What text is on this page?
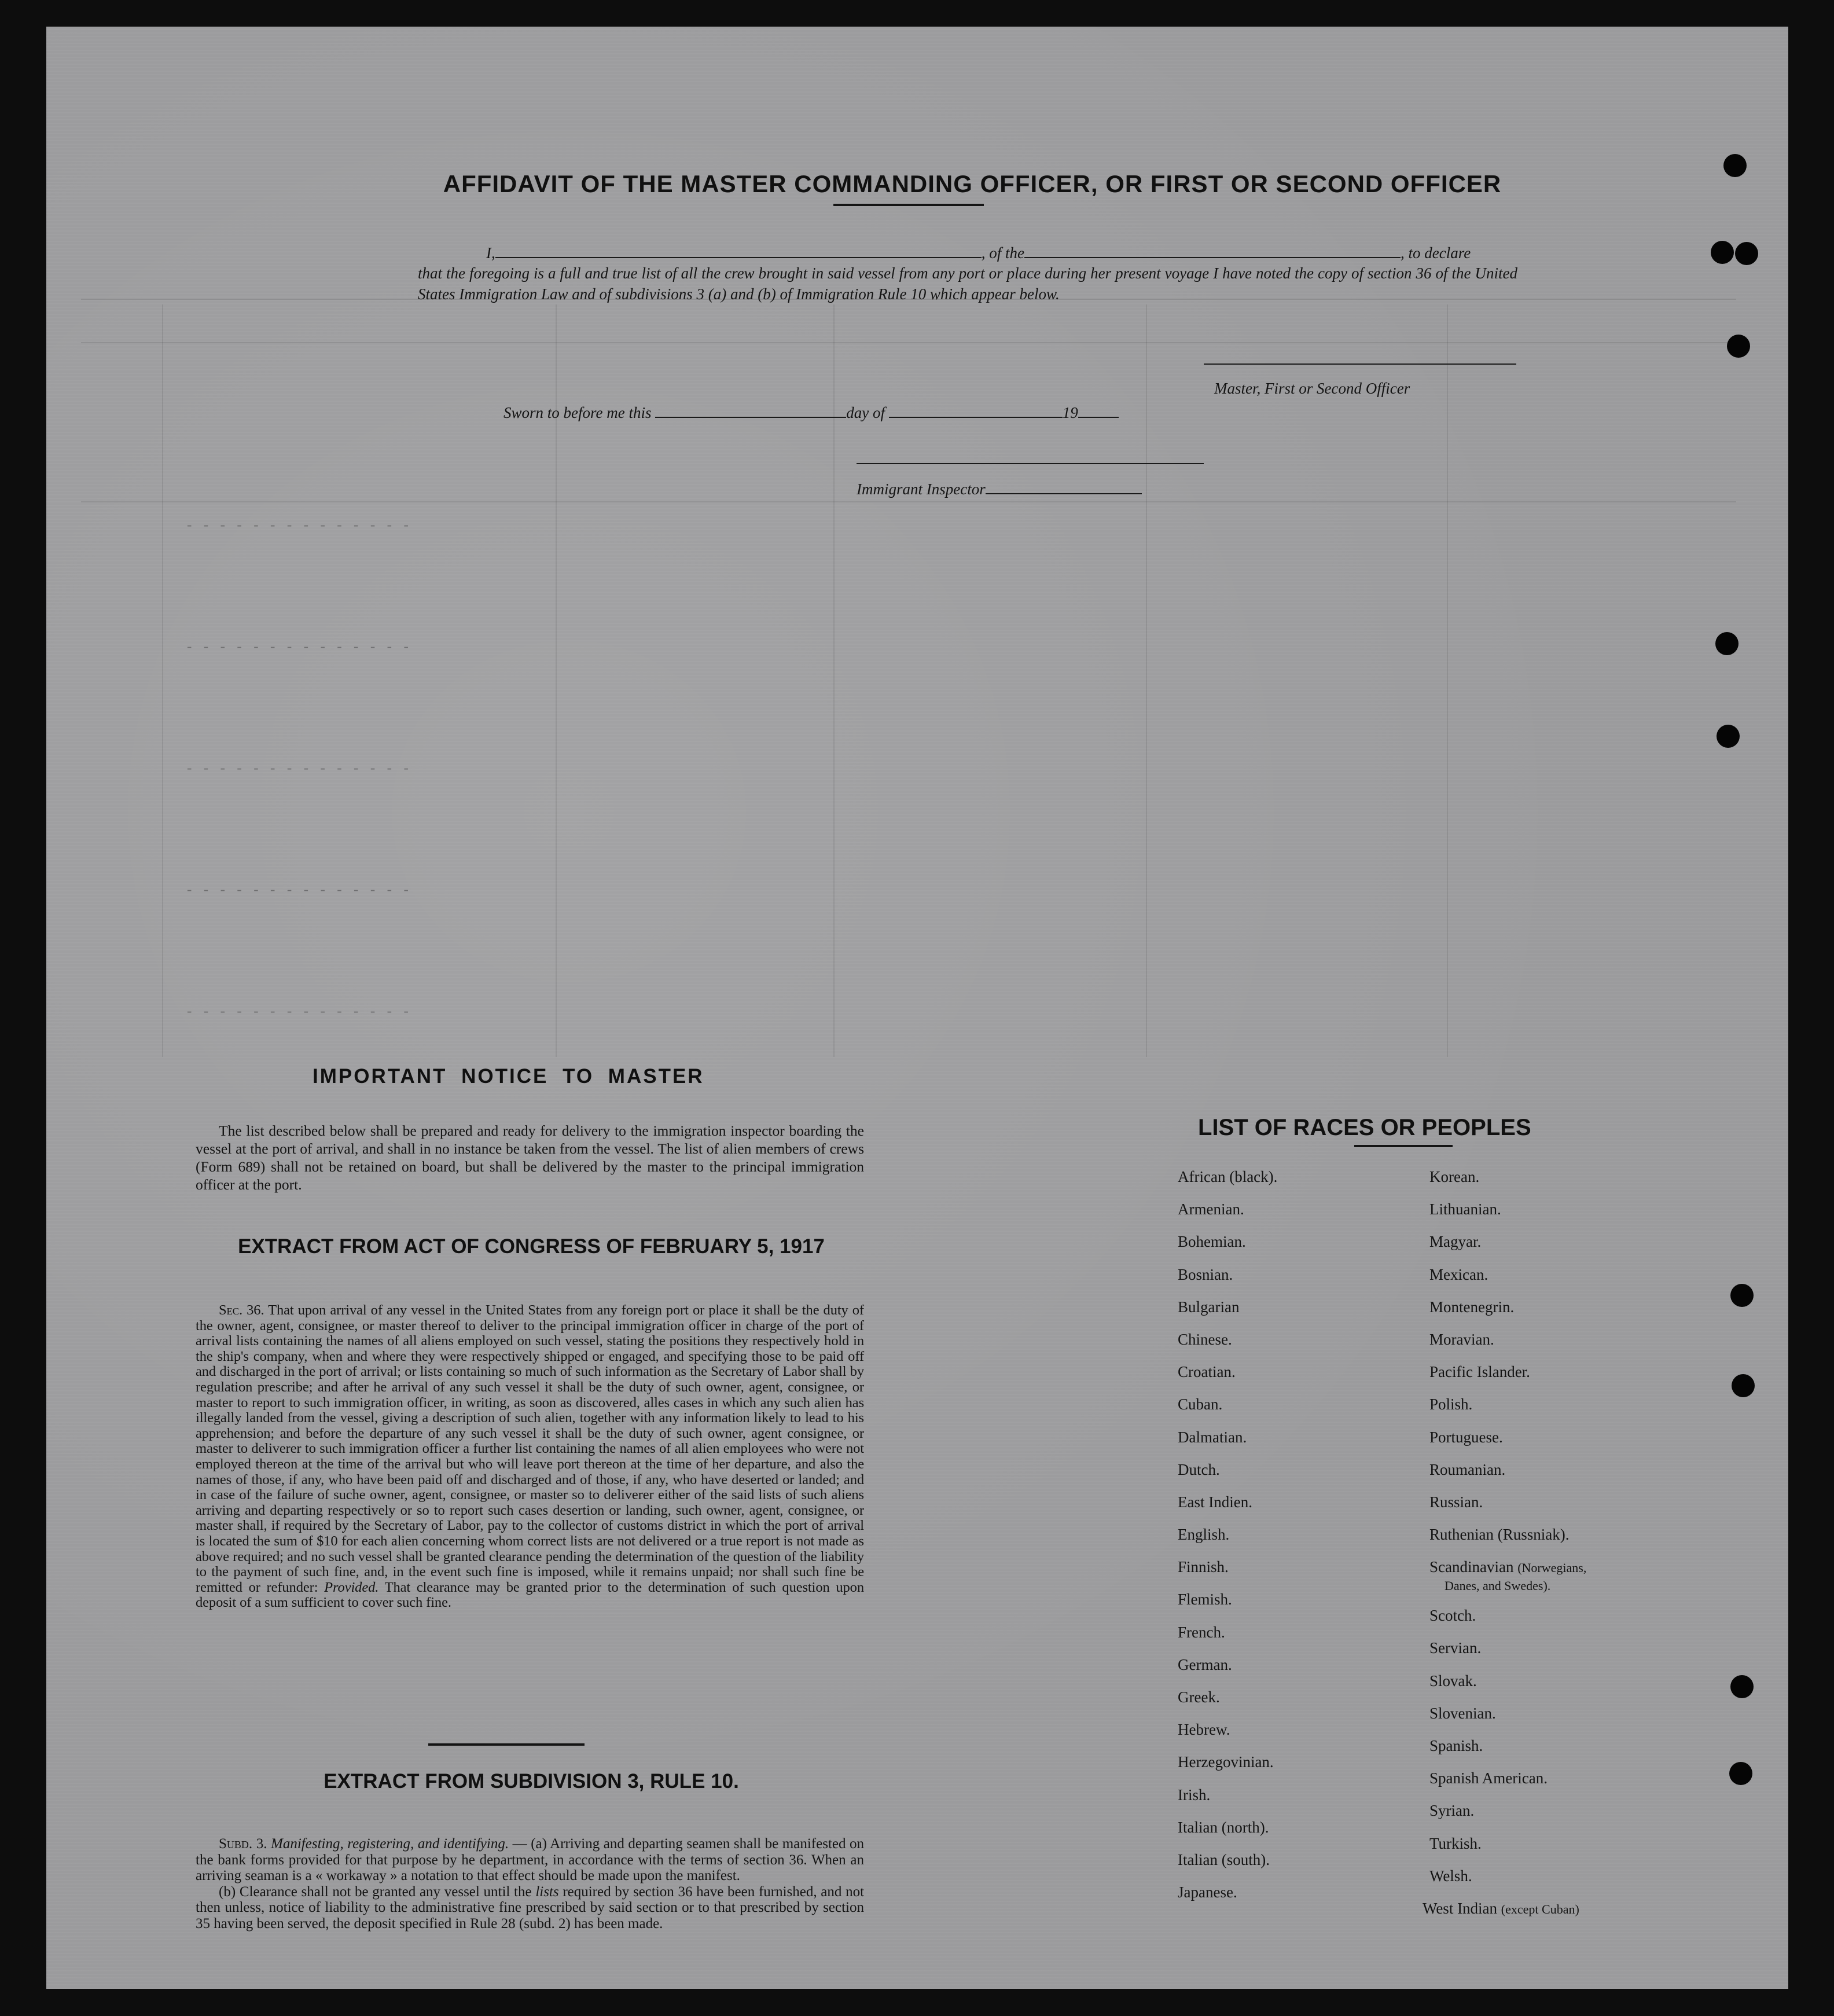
- - - - - - - - - - - - - -
- - - - - - - - - - - - - -
- - - - - - - - - - - - - -
- - - - - - - - - - - - - -
- - - - - - - - - - - - - -
AFFIDAVIT OF THE MASTER COMMANDING OFFICER, OR FIRST OR SECOND OFFICER
I,	, of the	, to declare
that the foregoing is a full and true list of all the crew brought in said vessel from any port or place during her present voyage I have noted the copy of section 36 of the United States Immigration Law and of subdivisions 3 (a) and (b) of Immigration Rule 10 which appear below.
Master, First or Second Officer
Sworn to before me this	day of	19
Immigrant Inspector
IMPORTANT NOTICE TO MASTER
The list described below shall be prepared and ready for delivery to the immigration inspector boarding the vessel at the port of arrival, and shall in no instance be taken from the vessel. The list of alien members of crews (Form 689) shall not be retained on board, but shall be delivered by the master to the principal immigration officer at the port.
EXTRACT FROM ACT OF CONGRESS OF FEBRUARY 5, 1917
Sec. 36. That upon arrival of any vessel in the United States from any foreign port or place it shall be the duty of the owner, agent, consignee, or master thereof to deliver to the principal immigration officer in charge of the port of arrival lists containing the names of all aliens employed on such vessel, stating the positions they respectively hold in the ship's company, when and where they were respectively shipped or engaged, and specifying those to be paid off and discharged in the port of arrival; or lists containing so much of such information as the Secretary of Labor shall by regulation prescribe; and after he arrival of any such vessel it shall be the duty of such owner, agent, consignee, or master to report to such immigration officer, in writing, as soon as discovered, alles cases in which any such alien has illegally landed from the vessel, giving a description of such alien, together with any information likely to lead to his apprehension; and before the departure of any such vessel it shall be the duty of such owner, agent consignee, or master to deliverer to such immigration officer a further list containing the names of all alien employees who were not employed thereon at the time of the arrival but who will leave port thereon at the time of her departure, and also the names of those, if any, who have been paid off and discharged and of those, if any, who have deserted or landed; and in case of the failure of suche owner, agent, consignee, or master so to deliverer either of the said lists of such aliens arriving and departing respectively or so to report such cases desertion or landing, such owner, agent, consignee, or master shall, if required by the Secretary of Labor, pay to the collector of customs district in which the port of arrival is located the sum of $10 for each alien concerning whom correct lists are not delivered or a true report is not made as above required; and no such vessel shall be granted clearance pending the determination of the question of the liability to the payment of such fine, and, in the event such fine is imposed, while it remains unpaid; nor shall such fine be remitted or refunder: Provided. That clearance may be granted prior to the determination of such question upon deposit of a sum sufficient to cover such fine.
EXTRACT FROM SUBDIVISION 3, RULE 10.

Subd. 3. Manifesting, registering, and identifying. — (a) Arriving and departing seamen shall be manifested on the bank forms provided for that purpose by he department, in accordance with the terms of section 36. When an arriving seaman is a « workaway » a notation to that effect should be made upon the manifest.

(b) Clearance shall not be granted any vessel until the lists required by section 36 have been furnished, and not then unless, notice of liability to the administrative fine prescribed by said section or to that prescribed by section 35 having been served, the deposit specified in Rule 28 (subd. 2) has been made.

LIST OF RACES OR PEOPLES
African (black).
Armenian.
Bohemian.
Bosnian.
Bulgarian
Chinese.
Croatian.
Cuban.
Dalmatian.
Dutch.
East Indien.
English.
Finnish.
Flemish.
French.
German.
Greek.
Hebrew.
Herzegovinian.
Irish.
Italian (north).
Italian (south).
Japanese.
Korean.
Lithuanian.
Magyar.
Mexican.
Montenegrin.
Moravian.
Pacific Islander.
Polish.
Portuguese.
Roumanian.
Russian.
Ruthenian (Russniak).
Scandinavian (Norwegians,
Danes, and Swedes).
Scotch.
Servian.
Slovak.
Slovenian.
Spanish.
Spanish American.
Syrian.
Turkish.
Welsh.
West Indian (except Cuban)
